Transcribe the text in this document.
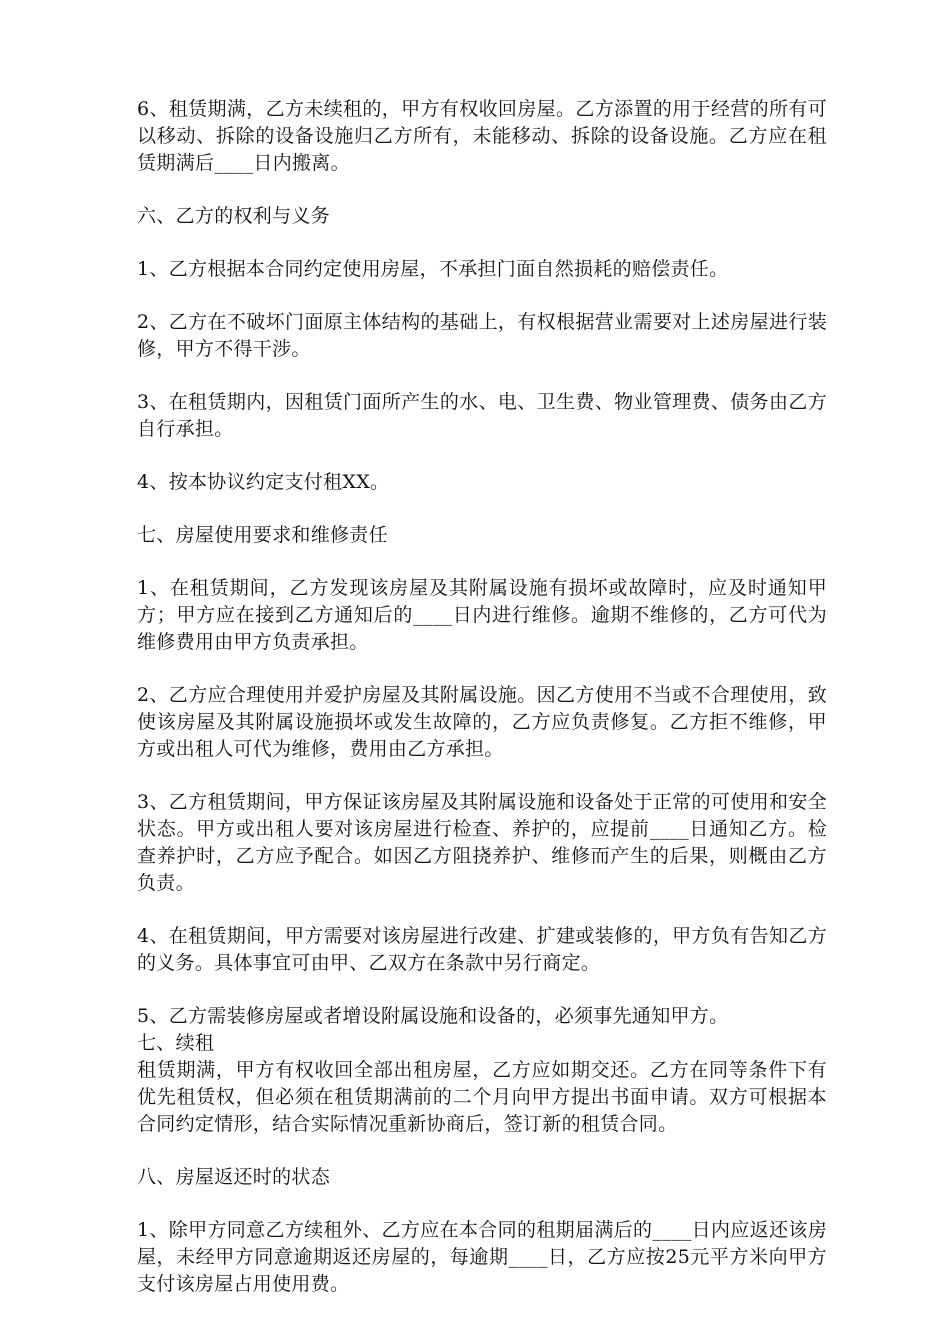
6、租赁期满，乙方未续租的，甲方有权收回房屋。乙方添置的用于经营的所有可以移动、拆除的设备设施归乙方所有，未能移动、拆除的设备设施。乙方应在租赁期满后____日内搬离。

六、乙方的权利与义务

1、乙方根据本合同约定使用房屋，不承担门面自然损耗的赔偿责任。

2、乙方在不破坏门面原主体结构的基础上，有权根据营业需要对上述房屋进行装修，甲方不得干涉。

3、在租赁期内，因租赁门面所产生的水、电、卫生费、物业管理费、债务由乙方自行承担。

4、按本协议约定支付租XX。

七、房屋使用要求和维修责任

1、在租赁期间，乙方发现该房屋及其附属设施有损坏或故障时，应及时通知甲方；甲方应在接到乙方通知后的____日内进行维修。逾期不维修的，乙方可代为维修费用由甲方负责承担。

2、乙方应合理使用并爱护房屋及其附属设施。因乙方使用不当或不合理使用，致使该房屋及其附属设施损坏或发生故障的，乙方应负责修复。乙方拒不维修，甲方或出租人可代为维修，费用由乙方承担。

3、乙方租赁期间，甲方保证该房屋及其附属设施和设备处于正常的可使用和安全状态。甲方或出租人要对该房屋进行检查、养护的，应提前____日通知乙方。检查养护时，乙方应予配合。如因乙方阻挠养护、维修而产生的后果，则概由乙方负责。

4、在租赁期间，甲方需要对该房屋进行改建、扩建或装修的，甲方负有告知乙方的义务。具体事宜可由甲、乙双方在条款中另行商定。

5、乙方需装修房屋或者增设附属设施和设备的，必须事先通知甲方。

七、续租

租赁期满，甲方有权收回全部出租房屋，乙方应如期交还。乙方在同等条件下有优先租赁权，但必须在租赁期满前的二个月向甲方提出书面申请。双方可根据本合同约定情形，结合实际情况重新协商后，签订新的租赁合同。

八、房屋返还时的状态

1、除甲方同意乙方续租外、乙方应在本合同的租期届满后的____日内应返还该房屋，未经甲方同意逾期返还房屋的，每逾期____日，乙方应按25元平方米向甲方支付该房屋占用使用费。
